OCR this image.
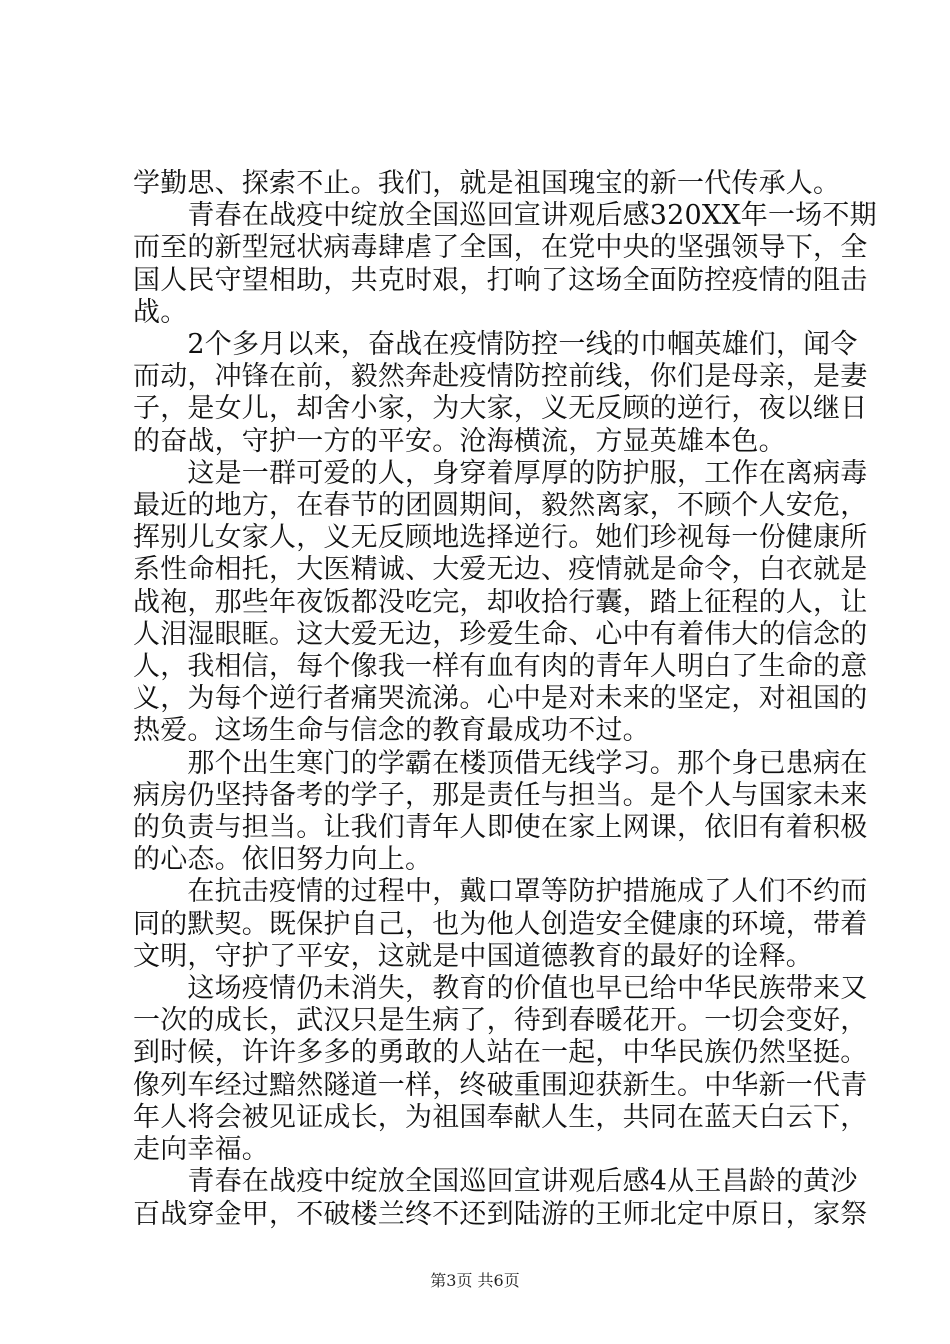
学勤思、探索不止。我们，就是祖国瑰宝的新一代传承人。

　　青春在战疫中绽放全国巡回宣讲观后感320XX年一场不期

而至的新型冠状病毒肆虐了全国，在党中央的坚强领导下，全

国人民守望相助，共克时艰，打响了这场全面防控疫情的阻击

战。

　　2个多月以来，奋战在疫情防控一线的巾帼英雄们，闻令

而动，冲锋在前，毅然奔赴疫情防控前线，你们是母亲，是妻

子，是女儿，却舍小家，为大家，义无反顾的逆行，夜以继日

的奋战，守护一方的平安。沧海横流，方显英雄本色。

　　这是一群可爱的人，身穿着厚厚的防护服，工作在离病毒

最近的地方，在春节的团圆期间，毅然离家，不顾个人安危，

挥别儿女家人，义无反顾地选择逆行。她们珍视每一份健康所

系性命相托，大医精诚、大爱无边、疫情就是命令，白衣就是

战袍，那些年夜饭都没吃完，却收拾行囊，踏上征程的人，让

人泪湿眼眶。这大爱无边，珍爱生命、心中有着伟大的信念的

人，我相信，每个像我一样有血有肉的青年人明白了生命的意

义，为每个逆行者痛哭流涕。心中是对未来的坚定，对祖国的

热爱。这场生命与信念的教育最成功不过。

　　那个出生寒门的学霸在楼顶借无线学习。那个身已患病在

病房仍坚持备考的学子，那是责任与担当。是个人与国家未来

的负责与担当。让我们青年人即使在家上网课，依旧有着积极

的心态。依旧努力向上。

　　在抗击疫情的过程中，戴口罩等防护措施成了人们不约而

同的默契。既保护自己，也为他人创造安全健康的环境，带着

文明，守护了平安，这就是中国道德教育的最好的诠释。

　　这场疫情仍未消失，教育的价值也早已给中华民族带来又

一次的成长，武汉只是生病了，待到春暖花开。一切会变好，

到时候，许许多多的勇敢的人站在一起，中华民族仍然坚挺。

像列车经过黯然隧道一样，终破重围迎获新生。中华新一代青

年人将会被见证成长，为祖国奉献人生，共同在蓝天白云下，

走向幸福。

　　青春在战疫中绽放全国巡回宣讲观后感4从王昌龄的黄沙

百战穿金甲，不破楼兰终不还到陆游的王师北定中原日，家祭

第3页 共6页
